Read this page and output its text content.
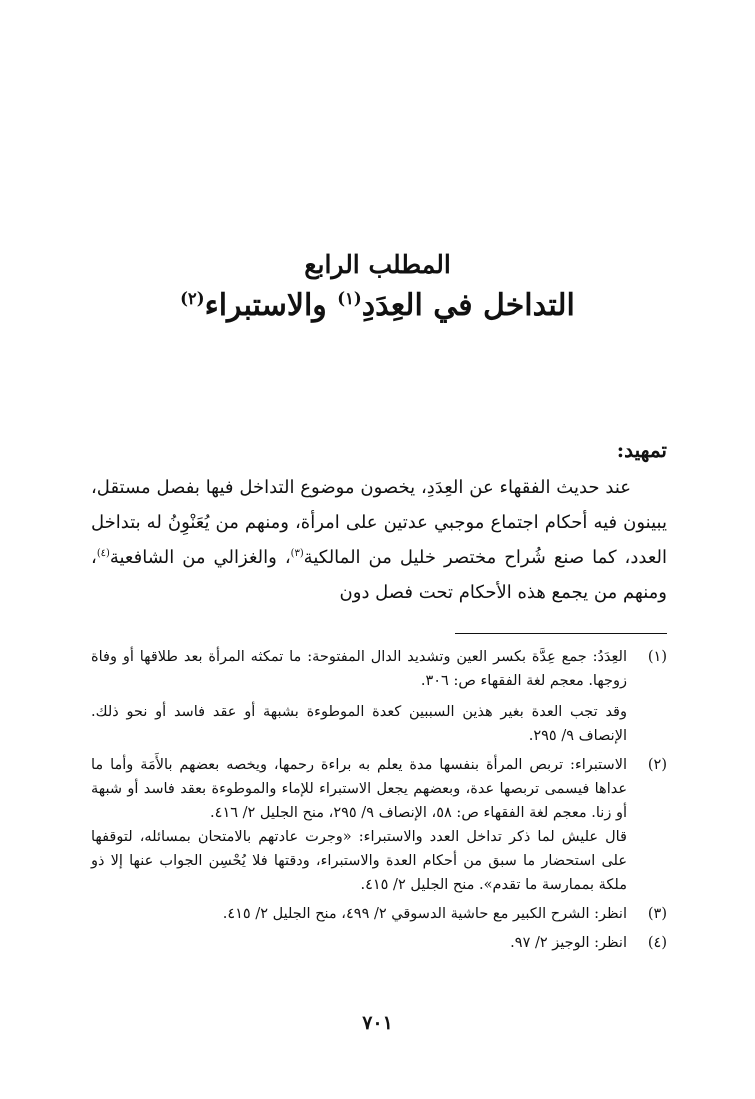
المطلب الرابع
التداخل في العِدَدِ$^{(١)}$ والاستبراء$^{(٢)}$
تمهيد:
عند حديث الفقهاء عن العِدَدِ، يخصون موضوع التداخل فيها بفصل مستقل، يبينون فيه أحكام اجتماع موجبي عدتين على امرأة، ومنهم من يُعَنْوِنُ له بتداخل العدد، كما صنع شُراح مختصر خليل من المالكية$^{(٣)}$، والغزالي من الشافعية$^{(٤)}$، ومنهم من يجمع هذه الأحكام تحت فصل دون
(١)

العِدَدُ: جمع عِدَّة بكسر العين وتشديد الدال المفتوحة: ما تمكثه المرأة بعد طلاقها أو وفاة زوجها. معجم لغة الفقهاء ص: ٣٠٦.

وقد تجب العدة بغير هذين السببين كعدة الموطوءة بشبهة أو عقد فاسد أو نحو ذلك. الإنصاف ٩/ ٢٩٥.

(٢)

الاستبراء: تربص المرأة بنفسها مدة يعلم به براءة رحمها، ويخصه بعضهم بالأَمَة وأما ما عداها فيسمى تربصها عدة، وبعضهم يجعل الاستبراء للإماء والموطوءة بعقد فاسد أو شبهة أو زنا. معجم لغة الفقهاء ص: ٥٨، الإنصاف ٩/ ٢٩٥، منح الجليل ٢/ ٤١٦.

قال عليش لما ذكر تداخل العدد والاستبراء: «وجرت عادتهم بالامتحان بمسائله، لتوقفها على استحضار ما سبق من أحكام العدة والاستبراء، ودقتها فلا يُحْسِن الجواب عنها إلا ذو ملكة بممارسة ما تقدم». منح الجليل ٢/ ٤١٥.

(٣)

انظر: الشرح الكبير مع حاشية الدسوقي ٢/ ٤٩٩، منح الجليل ٢/ ٤١٥.

(٤)

انظر: الوجيز ٢/ ٩٧.

٧٠١
